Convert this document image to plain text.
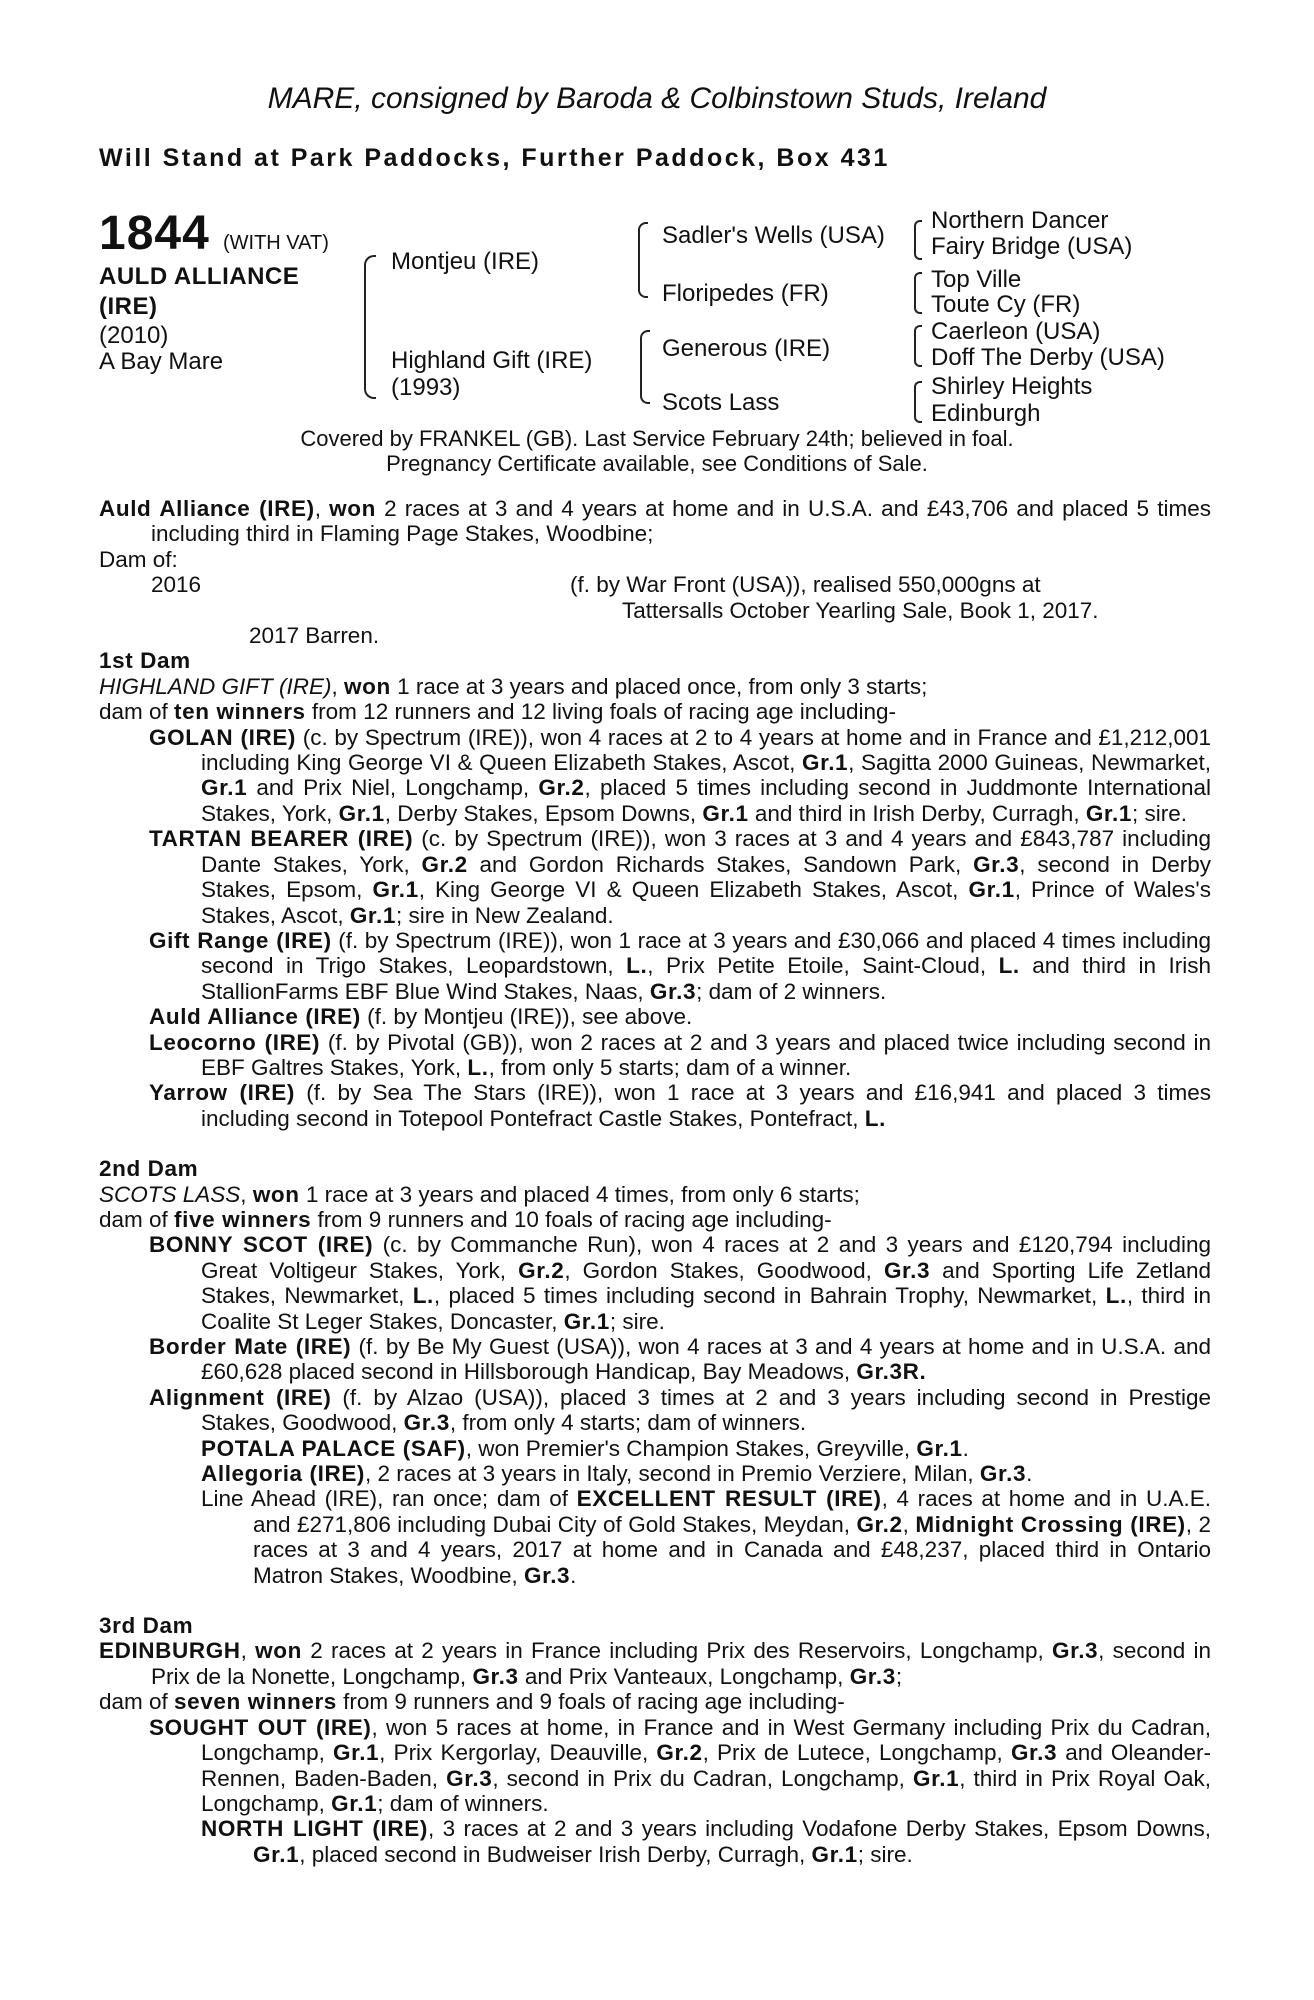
MARE, consigned by Baroda & Colbinstown Studs, Ireland
Will Stand at Park Paddocks, Further Paddock, Box 431
1844 (WITH VAT)
AULD ALLIANCE
(IRE)
(2010)
A Bay Mare
Montjeu (IRE)
Highland Gift (IRE)
(1993)
Sadler's Wells (USA)
Floripedes (FR)
Generous (IRE)
Scots Lass
Northern Dancer
Fairy Bridge (USA)
Top Ville
Toute Cy (FR)
Caerleon (USA)
Doff The Derby (USA)
Shirley Heights
Edinburgh
Covered by FRANKEL (GB). Last Service February 24th; believed in foal.
Pregnancy Certificate available, see Conditions of Sale.

Auld Alliance (IRE), won 2 races at 3 and 4 years at home and in U.S.A. and £43,706 and placed 5 times including third in Flaming Page Stakes, Woodbine;

Dam of:

2016	(f. by War Front (USA)), realised 550,000gns at
Tattersalls October Yearling Sale, Book 1, 2017.

2017 Barren.

1st Dam

HIGHLAND GIFT (IRE), won 1 race at 3 years and placed once, from only 3 starts;
dam of ten winners from 12 runners and 12 living foals of racing age including-

GOLAN (IRE) (c. by Spectrum (IRE)), won 4 races at 2 to 4 years at home and in France and £1,212,001 including King George VI & Queen Elizabeth Stakes, Ascot, Gr.1, Sagitta 2000 Guineas, Newmarket, Gr.1 and Prix Niel, Longchamp, Gr.2, placed 5 times including second in Juddmonte International Stakes, York, Gr.1, Derby Stakes, Epsom Downs, Gr.1 and third in Irish Derby, Curragh, Gr.1; sire.

TARTAN BEARER (IRE) (c. by Spectrum (IRE)), won 3 races at 3 and 4 years and £843,787 including Dante Stakes, York, Gr.2 and Gordon Richards Stakes, Sandown Park, Gr.3, second in Derby Stakes, Epsom, Gr.1, King George VI & Queen Elizabeth Stakes, Ascot, Gr.1, Prince of Wales's Stakes, Ascot, Gr.1; sire in New Zealand.

Gift Range (IRE) (f. by Spectrum (IRE)), won 1 race at 3 years and £30,066 and placed 4 times including second in Trigo Stakes, Leopardstown, L., Prix Petite Etoile, Saint-Cloud, L. and third in Irish StallionFarms EBF Blue Wind Stakes, Naas, Gr.3; dam of 2 winners.

Auld Alliance (IRE) (f. by Montjeu (IRE)), see above.

Leocorno (IRE) (f. by Pivotal (GB)), won 2 races at 2 and 3 years and placed twice including second in EBF Galtres Stakes, York, L., from only 5 starts; dam of a winner.

Yarrow (IRE) (f. by Sea The Stars (IRE)), won 1 race at 3 years and £16,941 and placed 3 times including second in Totepool Pontefract Castle Stakes, Pontefract, L.

2nd Dam

SCOTS LASS, won 1 race at 3 years and placed 4 times, from only 6 starts;
dam of five winners from 9 runners and 10 foals of racing age including-

BONNY SCOT (IRE) (c. by Commanche Run), won 4 races at 2 and 3 years and £120,794 including Great Voltigeur Stakes, York, Gr.2, Gordon Stakes, Goodwood, Gr.3 and Sporting Life Zetland Stakes, Newmarket, L., placed 5 times including second in Bahrain Trophy, Newmarket, L., third in Coalite St Leger Stakes, Doncaster, Gr.1; sire.

Border Mate (IRE) (f. by Be My Guest (USA)), won 4 races at 3 and 4 years at home and in U.S.A. and £60,628 placed second in Hillsborough Handicap, Bay Meadows, Gr.3R.

Alignment (IRE) (f. by Alzao (USA)), placed 3 times at 2 and 3 years including second in Prestige Stakes, Goodwood, Gr.3, from only 4 starts; dam of winners.

POTALA PALACE (SAF), won Premier's Champion Stakes, Greyville, Gr.1.

Allegoria (IRE), 2 races at 3 years in Italy, second in Premio Verziere, Milan, Gr.3.

Line Ahead (IRE), ran once; dam of EXCELLENT RESULT (IRE), 4 races at home and in U.A.E. and £271,806 including Dubai City of Gold Stakes, Meydan, Gr.2, Midnight Crossing (IRE), 2 races at 3 and 4 years, 2017 at home and in Canada and £48,237, placed third in Ontario Matron Stakes, Woodbine, Gr.3.

3rd Dam

EDINBURGH, won 2 races at 2 years in France including Prix des Reservoirs, Longchamp, Gr.3, second in Prix de la Nonette, Longchamp, Gr.3 and Prix Vanteaux, Longchamp, Gr.3;

dam of seven winners from 9 runners and 9 foals of racing age including-

SOUGHT OUT (IRE), won 5 races at home, in France and in West Germany including Prix du Cadran, Longchamp, Gr.1, Prix Kergorlay, Deauville, Gr.2, Prix de Lutece, Longchamp, Gr.3 and Oleander-Rennen, Baden-Baden, Gr.3, second in Prix du Cadran, Longchamp, Gr.1, third in Prix Royal Oak, Longchamp, Gr.1; dam of winners.

NORTH LIGHT (IRE), 3 races at 2 and 3 years including Vodafone Derby Stakes, Epsom Downs, Gr.1, placed second in Budweiser Irish Derby, Curragh, Gr.1; sire.
